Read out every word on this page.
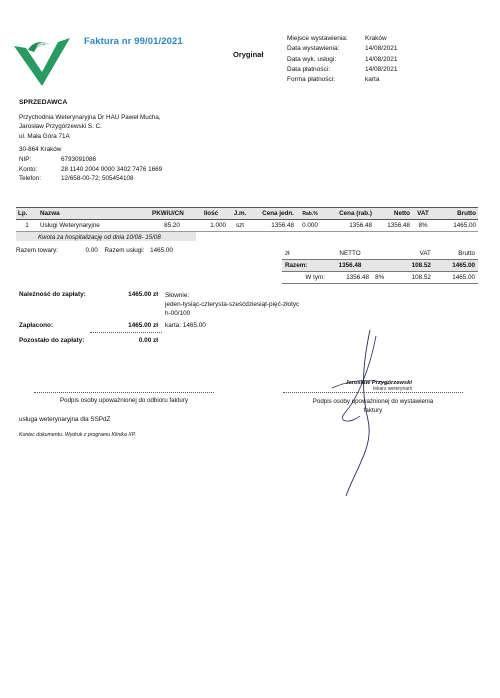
Faktura nr 99/01/2021
Oryginał
Miejsce wystawienia:	Kraków
Data wystawienia:	14/08/2021
Data wyk. usługi:	14/08/2021
Data płatności:	14/08/2021
Forma płatności:	karta
SPRZEDAWCA
Przychodnia Weterynaryjna Dr HAU Paweł Mucha,
Jarosław Przygórzewski S. C.
ul. Mała Góra 71A
30-864 Kraków
NIP:	6793091086
Konto:	28 1140 2004 0000 3402 7476 1669
Telefon:	12/658-00-72; 505454108
Lp.	Nazwa	PKWiU/CN	Ilość	J.m.	Cena jedn.	Rab.%	Cena (rab.)	Netto	VAT	Brutto
1	Usługi Weterynaryjne	85.20	1.000	szt	1356.48	0.000	1356.48	1356.48	8%	1465.00
Kwota za hospitalizację od dnia 10/08- 15/08
Razem towary:	0.00 Razem usługi: 1465.00	zł	NETTO		VAT	Brutto
Razem:	1356.48		108.52	1465.00
W tym:	1356.48	8%	108.52	1465.00
Należność do zapłaty:	1465.00 zł Słownie:
jeden-tysiąc-czterysta-sześćdziesiąt-pięć-złotyc
h-00/100
Zapłacono:	1465.00 zł karta: 1465.00
Pozostało do zapłaty:	0.00 zł
Jarosław Przygórzewski
lekarz weterynarii
Podpis osoby upoważnionej do odbioru faktury	Podpis osoby upoważnionej do wystawienia
faktury
usługa weterynaryjna dla SSPdZ
Koniec dokumentu. Wydruk z programu Klinika XP.
